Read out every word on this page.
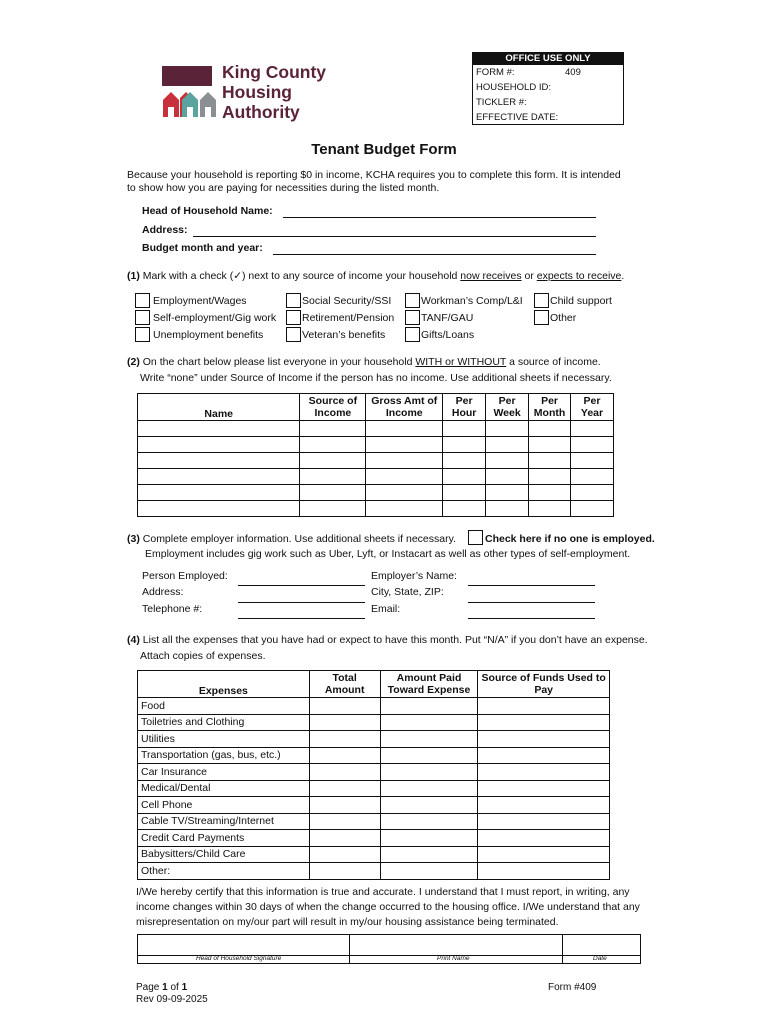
King County
Housing
Authority
OFFICE USE ONLY
FORM #:	409
HOUSEHOLD ID:
TICKLER #:
EFFECTIVE DATE:
Tenant Budget Form
Because your household is reporting $0 in income, KCHA requires you to complete this form. It is intended
to show how you are paying for necessities during the listed month.
Head of Household Name:
Address:
Budget month and year:
(1) Mark with a check (✓) next to any source of income your household now receives or expects to receive.
Employment/Wages
Self-employment/Gig work
Unemployment benefits
Social Security/SSI
Retirement/Pension
Veteran’s benefits
Workman’s Comp/L&I
TANF/GAU
Gifts/Loans
Child support
Other
(2) On the chart below please list everyone in your household WITH or WITHOUT a source of income.
Write “none” under Source of Income if the person has no income. Use additional sheets if necessary.
Name	Source of Income	Gross Amt of Income	Per Hour	Per Week	Per Month	Per Year

(3) Complete employer information. Use additional sheets if necessary.	Check here if no one is employed.
Employment includes gig work such as Uber, Lyft, or Instacart as well as other types of self-employment.
Person Employed:
Address:
Telephone #:
Employer’s Name:
City, State, ZIP:
Email:
(4) List all the expenses that you have had or expect to have this month. Put “N/A” if you don’t have an expense.
Attach copies of expenses.
Expenses	Total Amount	Amount Paid Toward Expense	Source of Funds Used to Pay
Food			
Toiletries and Clothing			
Utilities			
Transportation (gas, bus, etc.)			
Car Insurance			
Medical/Dental			
Cell Phone			
Cable TV/Streaming/Internet			
Credit Card Payments			
Babysitters/Child Care			
Other:			
I/We hereby certify that this information is true and accurate. I understand that I must report, in writing, any
income changes within 30 days of when the change occurred to the housing office. I/We understand that any
misrepresentation on my/our part will result in my/our housing assistance being terminated.
Head of Household Signature	Print Name	Date
Page 1 of 1
Rev 09-09-2025
Form #409
